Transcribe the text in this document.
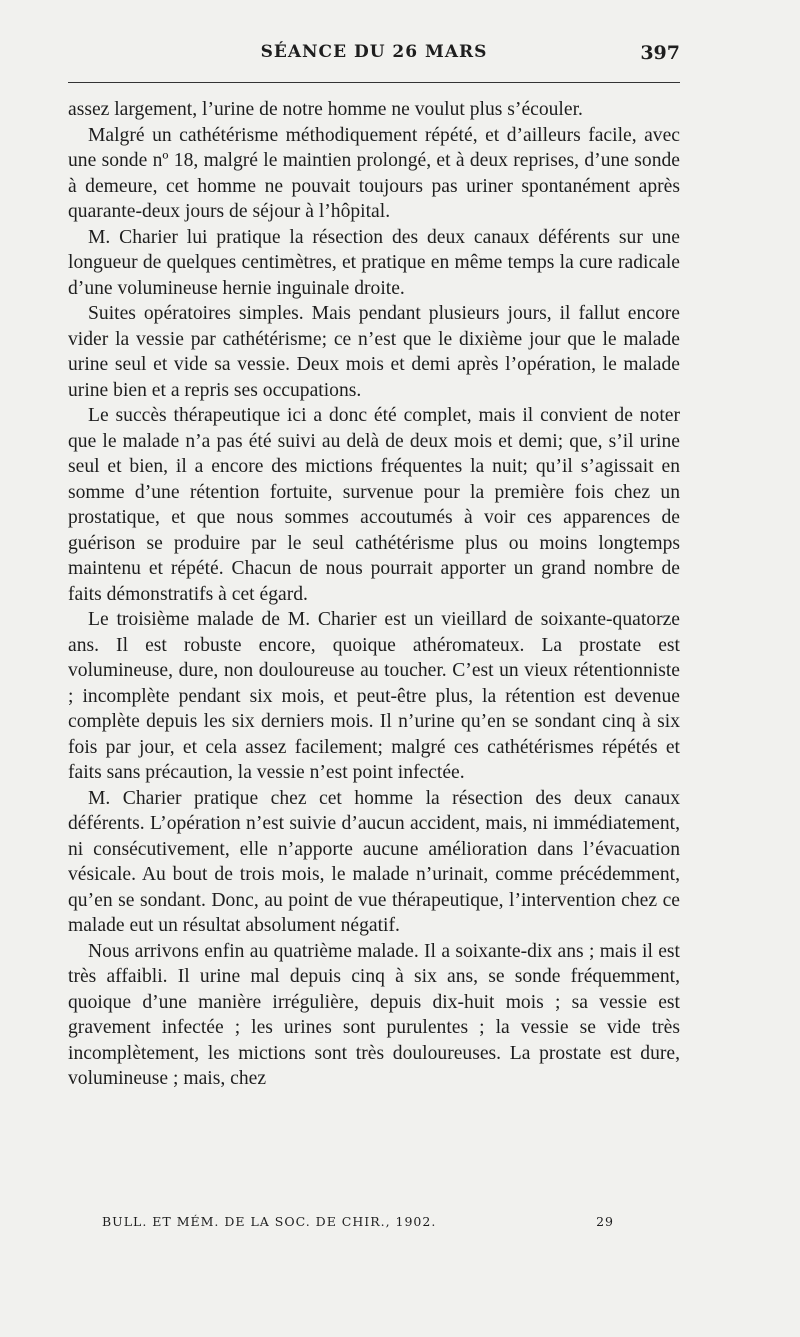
SÉANCE DU 26 MARS	397

assez largement, l’urine de notre homme ne voulut plus s’écouler.

Malgré un cathétérisme méthodiquement répété, et d’ailleurs facile, avec une sonde nº 18, malgré le maintien prolongé, et à deux reprises, d’une sonde à demeure, cet homme ne pouvait toujours pas uriner spontanément après quarante-deux jours de séjour à l’hôpital.

M. Charier lui pratique la résection des deux canaux déférents sur une longueur de quelques centimètres, et pratique en même temps la cure radicale d’une volumineuse hernie inguinale droite.

Suites opératoires simples. Mais pendant plusieurs jours, il fallut encore vider la vessie par cathétérisme; ce n’est que le dixième jour que le malade urine seul et vide sa vessie. Deux mois et demi après l’opération, le malade urine bien et a repris ses occupations.

Le succès thérapeutique ici a donc été complet, mais il convient de noter que le malade n’a pas été suivi au delà de deux mois et demi; que, s’il urine seul et bien, il a encore des mictions fréquentes la nuit; qu’il s’agissait en somme d’une rétention fortuite, survenue pour la première fois chez un prostatique, et que nous sommes accoutumés à voir ces apparences de guérison se produire par le seul cathétérisme plus ou moins longtemps maintenu et répété. Chacun de nous pourrait apporter un grand nombre de faits démonstratifs à cet égard.

Le troisième malade de M. Charier est un vieillard de soixante-quatorze ans. Il est robuste encore, quoique athéromateux. La prostate est volumineuse, dure, non douloureuse au toucher. C’est un vieux rétentionniste ; incomplète pendant six mois, et peut-être plus, la rétention est devenue complète depuis les six derniers mois. Il n’urine qu’en se sondant cinq à six fois par jour, et cela assez facilement; malgré ces cathétérismes répétés et faits sans précaution, la vessie n’est point infectée.

M. Charier pratique chez cet homme la résection des deux canaux déférents. L’opération n’est suivie d’aucun accident, mais, ni immédiatement, ni consécutivement, elle n’apporte aucune amélioration dans l’évacuation vésicale. Au bout de trois mois, le malade n’urinait, comme précédemment, qu’en se sondant. Donc, au point de vue thérapeutique, l’intervention chez ce malade eut un résultat absolument négatif.

Nous arrivons enfin au quatrième malade. Il a soixante-dix ans ; mais il est très affaibli. Il urine mal depuis cinq à six ans, se sonde fréquemment, quoique d’une manière irrégulière, depuis dix-huit mois ; sa vessie est gravement infectée ; les urines sont purulentes ; la vessie se vide très incomplètement, les mictions sont très douloureuses. La prostate est dure, volumineuse ; mais, chez

BULL. ET MÉM. DE LA SOC. DE CHIR., 1902.	29
